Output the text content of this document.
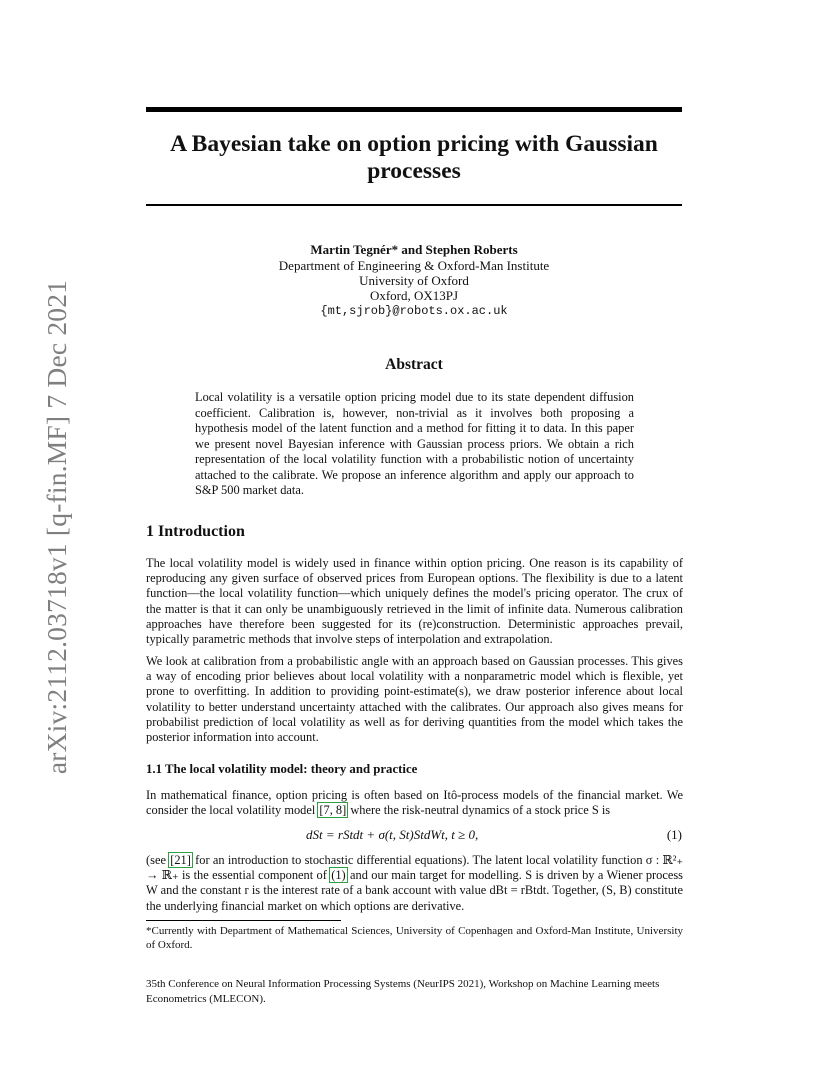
arXiv:2112.03718v1 [q-fin.MF] 7 Dec 2021
A Bayesian take on option pricing with Gaussian processes
Martin Tegnér* and Stephen Roberts
Department of Engineering & Oxford-Man Institute
University of Oxford
Oxford, OX13PJ
{mt,sjrob}@robots.ox.ac.uk
Abstract
Local volatility is a versatile option pricing model due to its state dependent diffusion coefficient. Calibration is, however, non-trivial as it involves both proposing a hypothesis model of the latent function and a method for fitting it to data. In this paper we present novel Bayesian inference with Gaussian process priors. We obtain a rich representation of the local volatility function with a probabilistic notion of uncertainty attached to the calibrate. We propose an inference algorithm and apply our approach to S&P 500 market data.
1 Introduction
The local volatility model is widely used in finance within option pricing. One reason is its capability of reproducing any given surface of observed prices from European options. The flexibility is due to a latent function—the local volatility function—which uniquely defines the model's pricing operator. The crux of the matter is that it can only be unambiguously retrieved in the limit of infinite data. Numerous calibration approaches have therefore been suggested for its (re)construction. Deterministic approaches prevail, typically parametric methods that involve steps of interpolation and extrapolation.
We look at calibration from a probabilistic angle with an approach based on Gaussian processes. This gives a way of encoding prior believes about local volatility with a nonparametric model which is flexible, yet prone to overfitting. In addition to providing point-estimate(s), we draw posterior inference about local volatility to better understand uncertainty attached with the calibrates. Our approach also gives means for probabilist prediction of local volatility as well as for deriving quantities from the model which takes the posterior information into account.
1.1 The local volatility model: theory and practice
In mathematical finance, option pricing is often based on Itô-process models of the financial market. We consider the local volatility model [7, 8] where the risk-neutral dynamics of a stock price S is
dSt = rStdt + σ(t, St)StdWt, t ≥ 0,	(1)
(see [21] for an introduction to stochastic differential equations). The latent local volatility function σ : ℝ²₊ → ℝ₊ is the essential component of (1) and our main target for modelling. S is driven by a Wiener process W and the constant r is the interest rate of a bank account with value dBt = rBtdt. Together, (S, B) constitute the underlying financial market on which options are derivative.
*Currently with Department of Mathematical Sciences, University of Copenhagen and Oxford-Man Institute, University of Oxford.
35th Conference on Neural Information Processing Systems (NeurIPS 2021), Workshop on Machine Learning meets Econometrics (MLECON).
